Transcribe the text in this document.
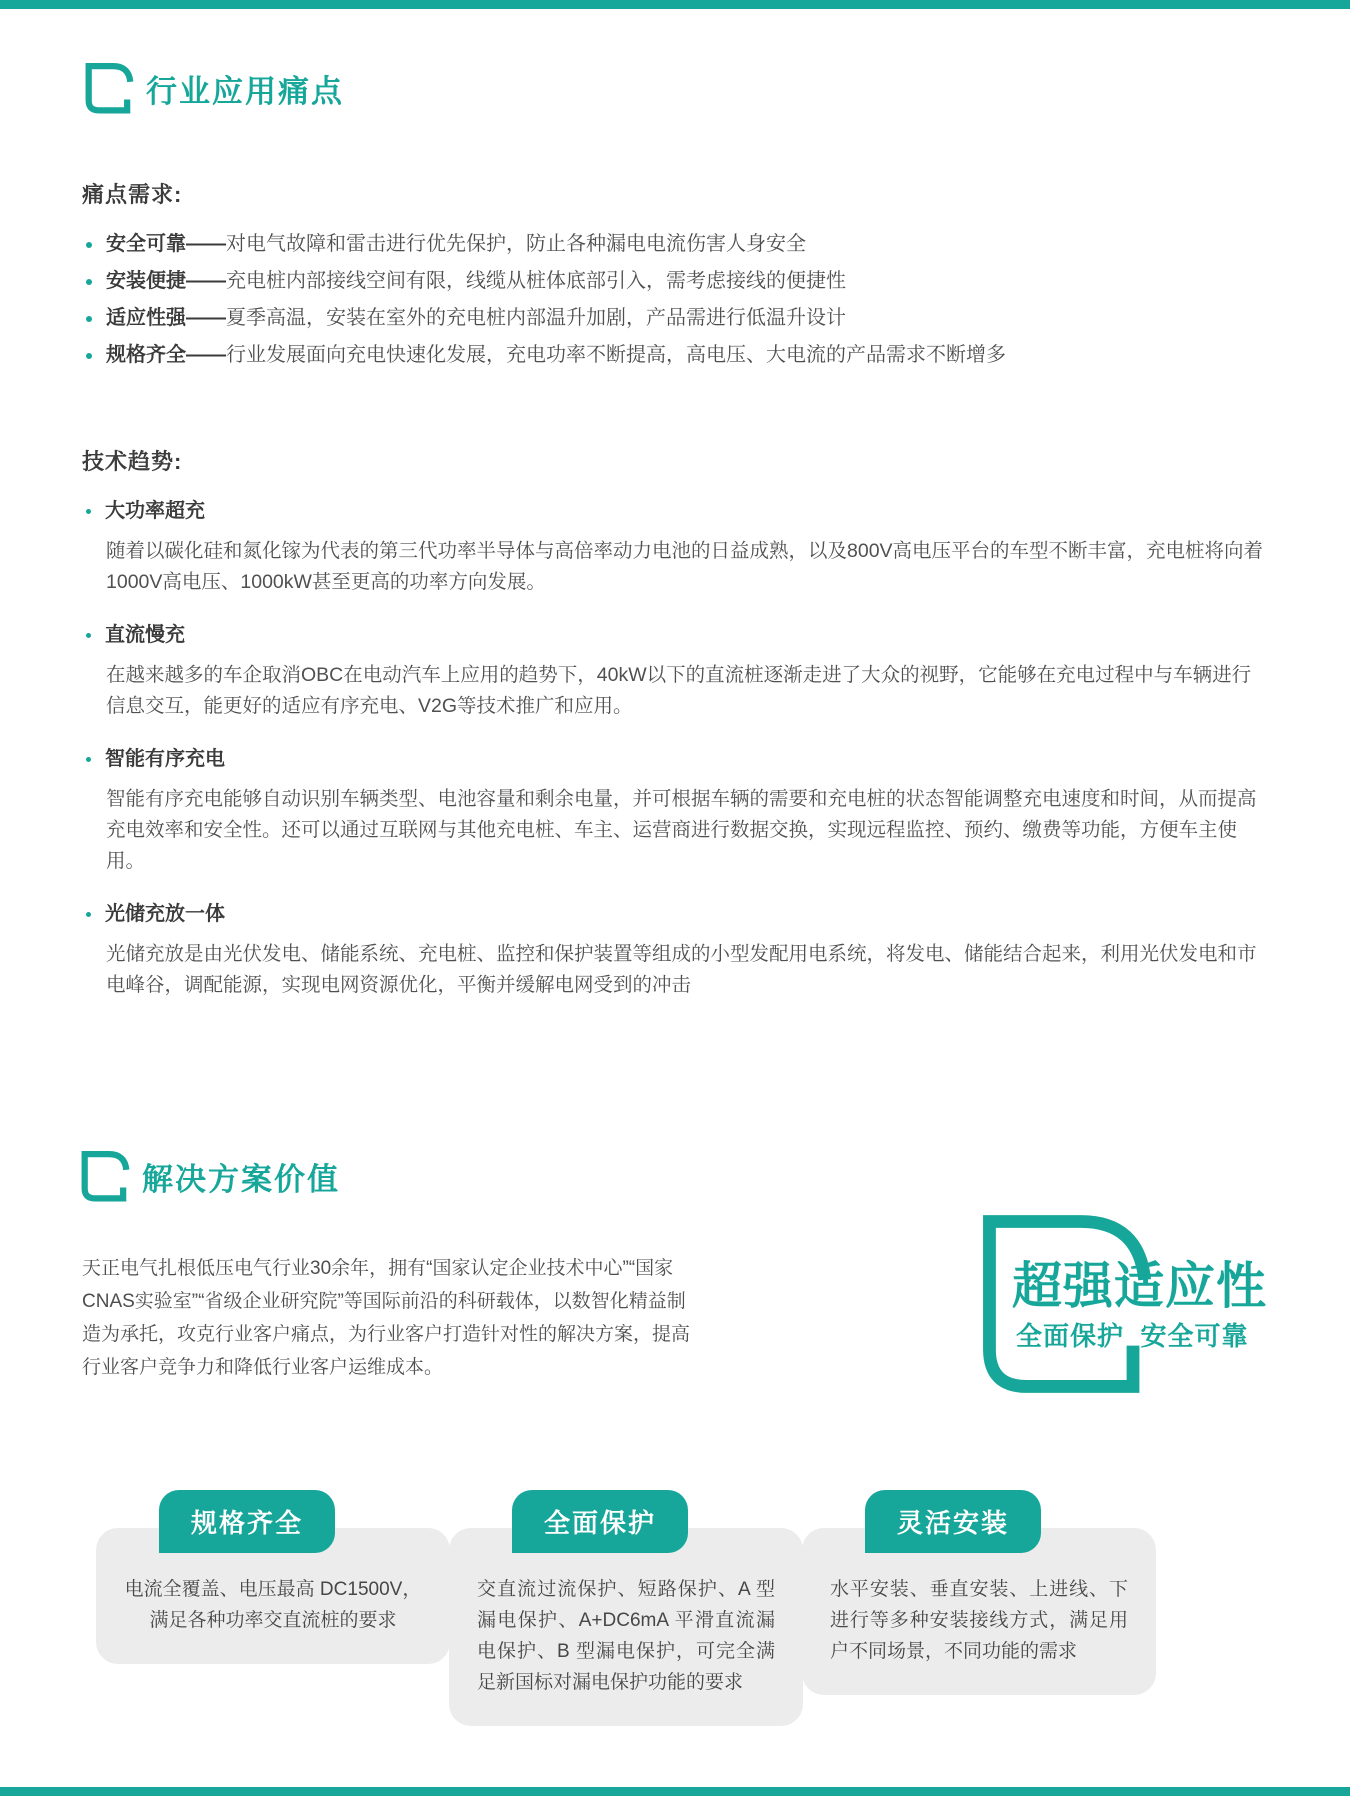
行业应用痛点
痛点需求:
安全可靠——对电气故障和雷击进行优先保护，防止各种漏电电流伤害人身安全
安装便捷——充电桩内部接线空间有限，线缆从桩体底部引入，需考虑接线的便捷性
适应性强——夏季高温，安装在室外的充电桩内部温升加剧，产品需进行低温升设计
规格齐全——行业发展面向充电快速化发展，充电功率不断提高，高电压、大电流的产品需求不断增多
技术趋势:
大功率超充

随着以碳化硅和氮化镓为代表的第三代功率半导体与高倍率动力电池的日益成熟，以及800V高电压平台的车型不断丰富，充电桩将向着1000V高电压、1000kW甚至更高的功率方向发展。

直流慢充

在越来越多的车企取消OBC在电动汽车上应用的趋势下，40kW以下的直流桩逐渐走进了大众的视野，它能够在充电过程中与车辆进行信息交互，能更好的适应有序充电、V2G等技术推广和应用。

智能有序充电

智能有序充电能够自动识别车辆类型、电池容量和剩余电量，并可根据车辆的需要和充电桩的状态智能调整充电速度和时间，从而提高充电效率和安全性。还可以通过互联网与其他充电桩、车主、运营商进行数据交换，实现远程监控、预约、缴费等功能，方便车主使用。

光储充放一体

光储充放是由光伏发电、储能系统、充电桩、监控和保护装置等组成的小型发配用电系统，将发电、储能结合起来，利用光伏发电和市电峰谷，调配能源，实现电网资源优化，平衡并缓解电网受到的冲击

解决方案价值

天正电气扎根低压电气行业30余年，拥有“国家认定企业技术中心”“国家CNAS实验室”“省级企业研究院”等国际前沿的科研载体，以数智化精益制造为承托，攻克行业客户痛点，为行业客户打造针对性的解决方案，提高行业客户竞争力和降低行业客户运维成本。

超强适应性
全面保护  安全可靠
规格齐全

电流全覆盖、电压最高 DC1500V，满足各种功率交直流桩的要求

全面保护

交直流过流保护、短路保护、A 型漏电保护、A+DC6mA 平滑直流漏电保护、B 型漏电保护，可完全满足新国标对漏电保护功能的要求

灵活安装

水平安装、垂直安装、上进线、下进行等多种安装接线方式，满足用户不同场景，不同功能的需求
